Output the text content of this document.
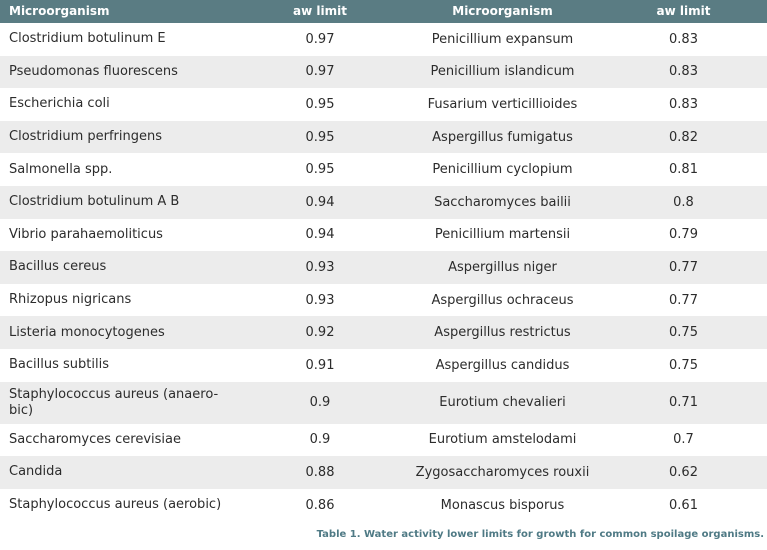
Microorganism	aw limit	Microorganism	aw limit
Clostridium botulinum E	0.97	Penicillium expansum	0.83
Pseudomonas fluorescens	0.97	Penicillium islandicum	0.83
Escherichia coli	0.95	Fusarium verticillioides	0.83
Clostridium perfringens	0.95	Aspergillus fumigatus	0.82
Salmonella spp.	0.95	Penicillium cyclopium	0.81
Clostridium botulinum A B	0.94	Saccharomyces bailii	0.8
Vibrio parahaemoliticus	0.94	Penicillium martensii	0.79
Bacillus cereus	0.93	Aspergillus niger	0.77
Rhizopus nigricans	0.93	Aspergillus ochraceus	0.77
Listeria monocytogenes	0.92	Aspergillus restrictus	0.75
Bacillus subtilis	0.91	Aspergillus candidus	0.75
Staphylococcus aureus (anaero-bic)	0.9	Eurotium chevalieri	0.71
Saccharomyces cerevisiae	0.9	Eurotium amstelodami	0.7
Candida	0.88	Zygosaccharomyces rouxii	0.62
Staphylococcus aureus (aerobic)	0.86	Monascus bisporus	0.61
Table 1. Water activity lower limits for growth for common spoilage organisms.
